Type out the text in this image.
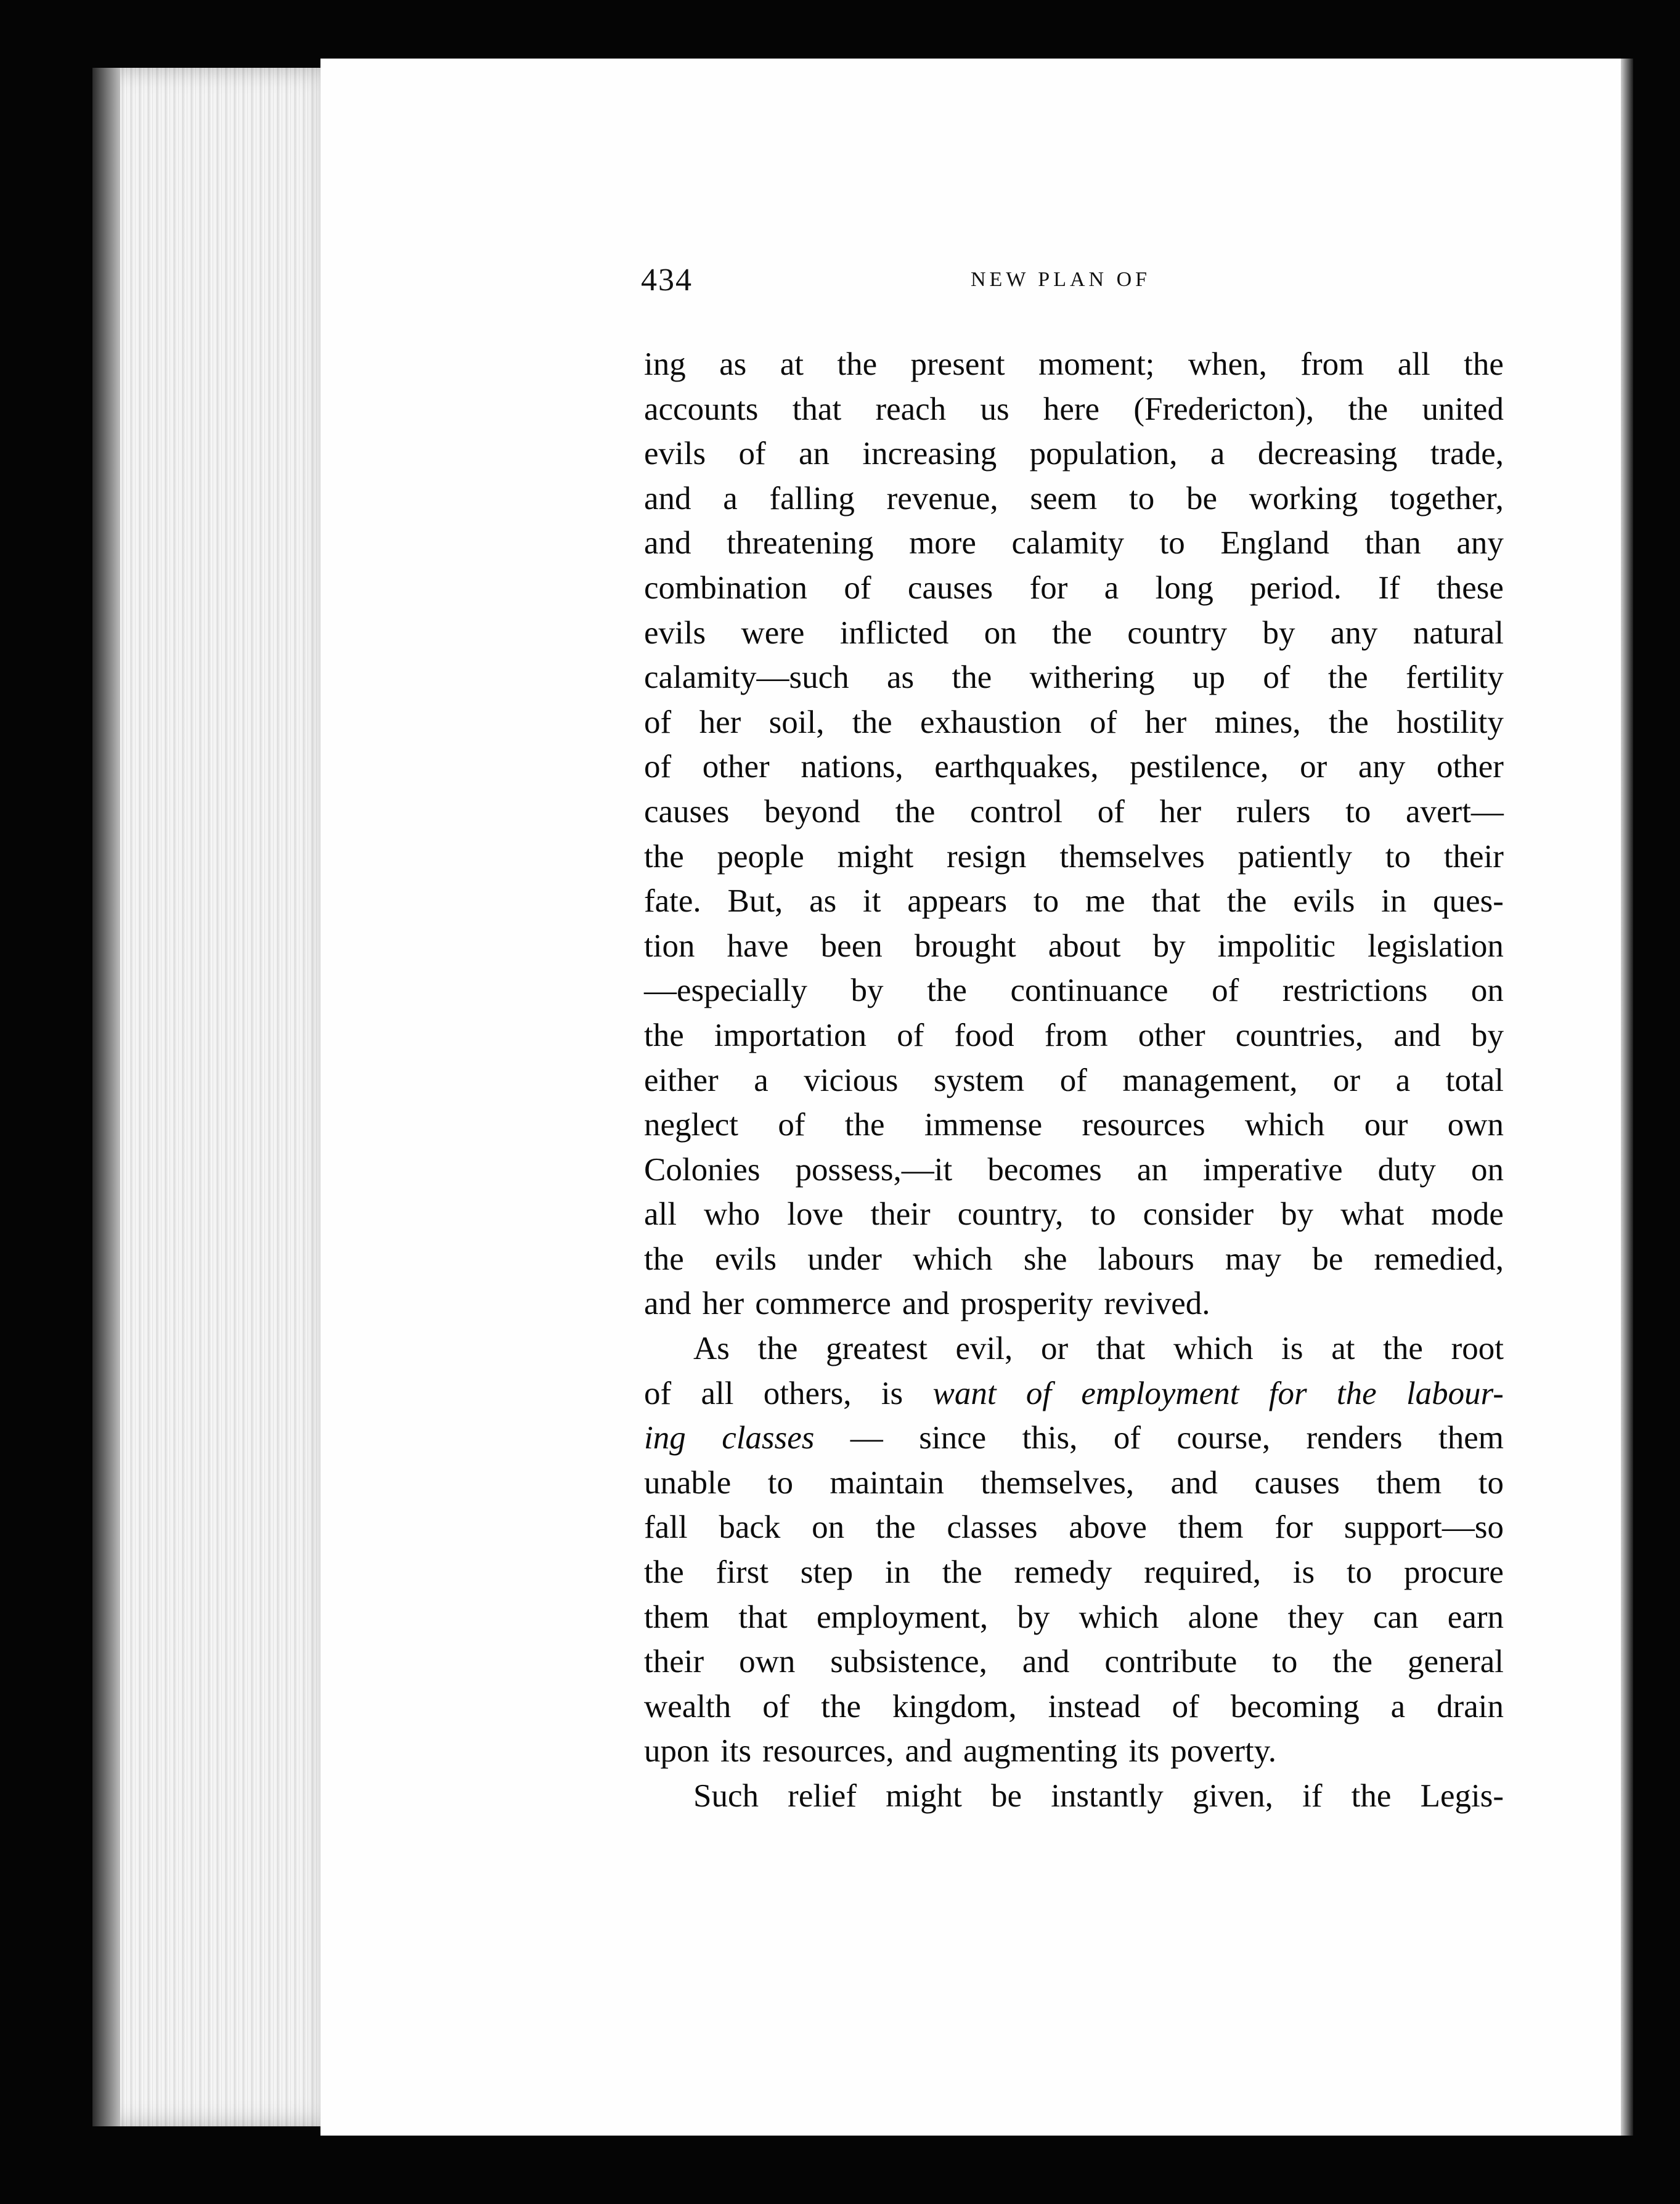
434	NEW PLAN OF
ing as at the present moment; when, from all the
accounts that reach us here (Fredericton), the united
evils of an increasing population, a decreasing trade,
and a falling revenue, seem to be working together,
and threatening more calamity to England than any
combination of causes for a long period. If these
evils were inflicted on the country by any natural
calamity—such as the withering up of the fertility
of her soil, the exhaustion of her mines, the hostility
of other nations, earthquakes, pestilence, or any other
causes beyond the control of her rulers to avert—
the people might resign themselves patiently to their
fate. But, as it appears to me that the evils in ques-
tion have been brought about by impolitic legislation
—especially by the continuance of restrictions on
the importation of food from other countries, and by
either a vicious system of management, or a total
neglect of the immense resources which our own
Colonies possess,—it becomes an imperative duty on
all who love their country, to consider by what mode
the evils under which she labours may be remedied,
and her commerce and prosperity revived.
As the greatest evil, or that which is at the root
of all others, is want of employment for the labour-
ing classes — since this, of course, renders them
unable to maintain themselves, and causes them to
fall back on the classes above them for support—so
the first step in the remedy required, is to procure
them that employment, by which alone they can earn
their own subsistence, and contribute to the general
wealth of the kingdom, instead of becoming a drain
upon its resources, and augmenting its poverty.
Such relief might be instantly given, if the Legis-
